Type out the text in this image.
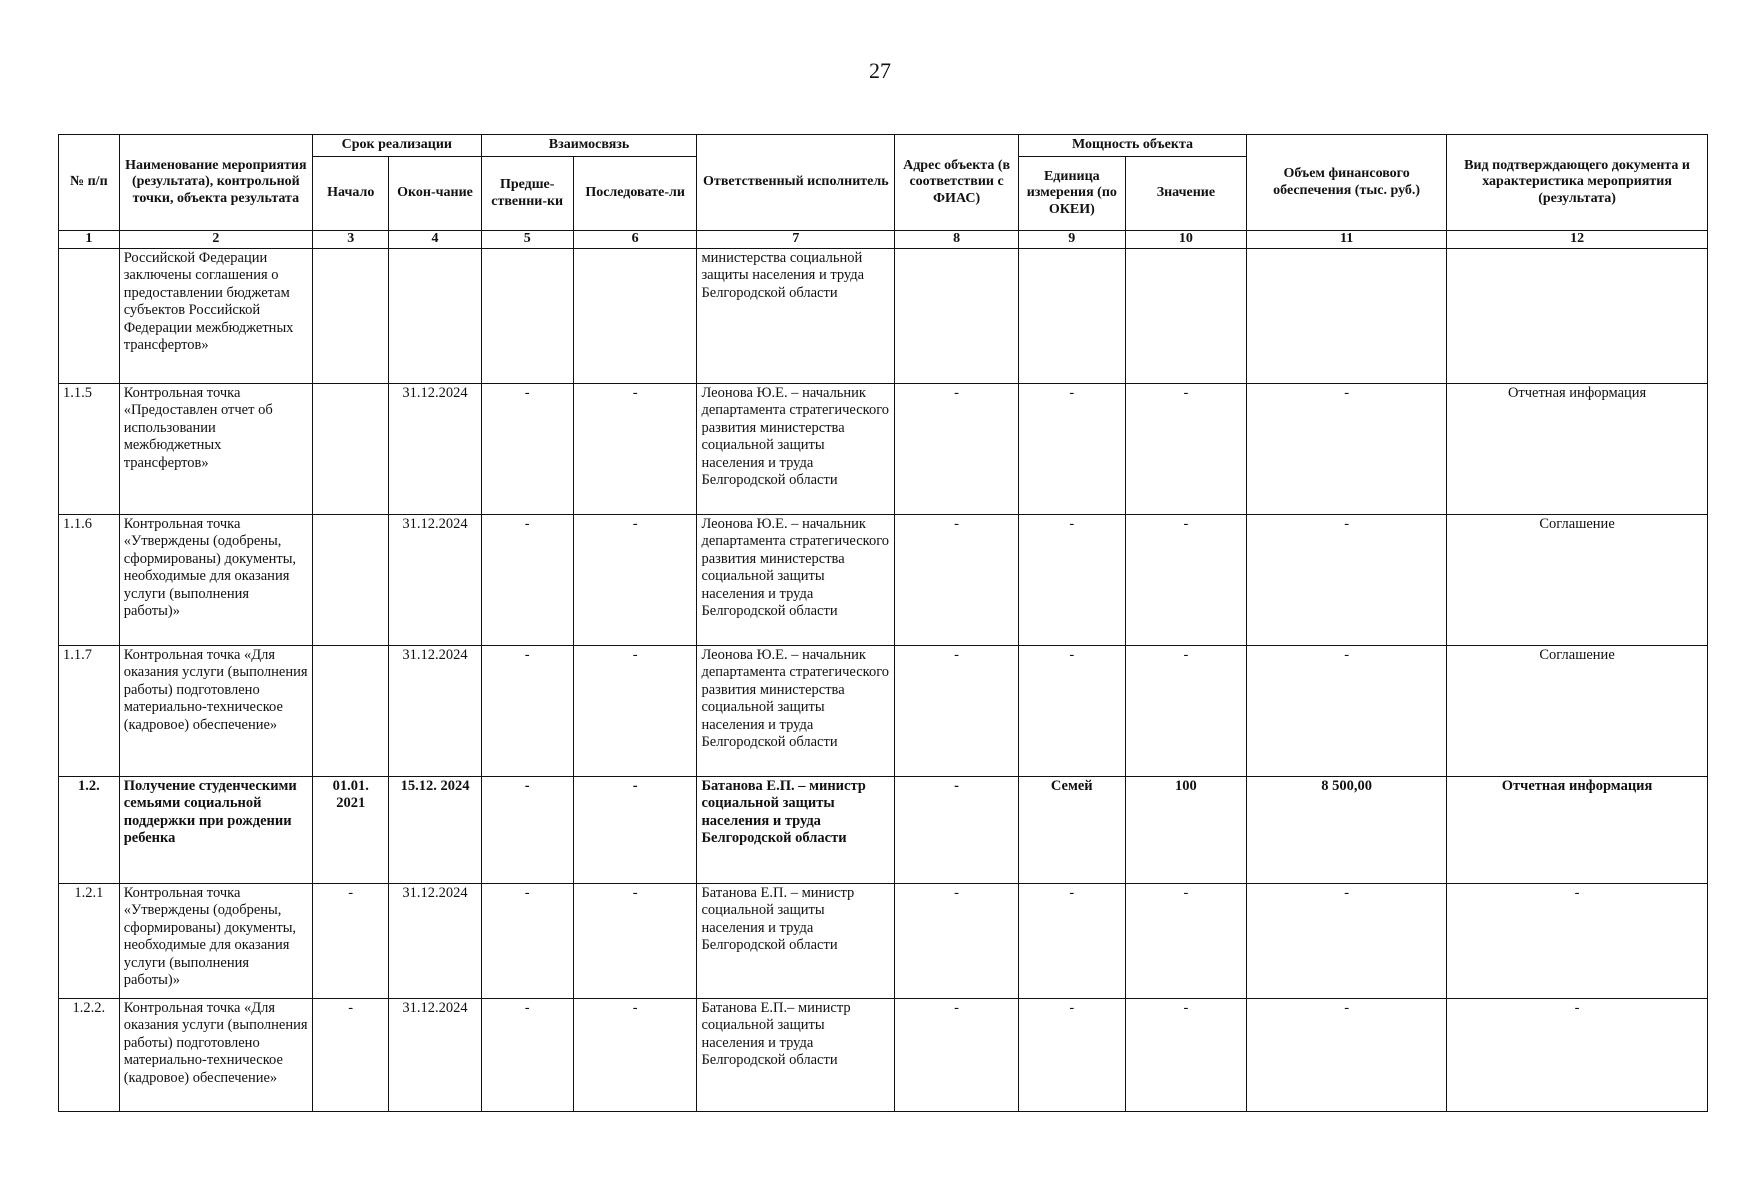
27
№ п/п	Наименование мероприятия (результата), контрольной точки, объекта результата	Срок реализации		Взаимосвязь		Ответственный исполнитель	Адрес объекта (в соответствии с ФИАС)	Мощность объекта		Объем финансового обеспечения (тыс. руб.)	Вид подтверждающего документа и характеристика мероприятия (результата)
		Начало	Окон-чание	Предше-ственни-ки	Последовате-ли			Единица измерения (по ОКЕИ)	Значение		
1	2	3	4	5	6	7	8	9	10	11	12
	Российской Федерации заключены соглашения о предоставлении бюджетам субъектов Российской Федерации межбюджетных трансфертов»					министерства социальной защиты населения и труда Белгородской области					
1.1.5	Контрольная точка «Предоставлен отчет об использовании межбюджетных трансфертов»		31.12.2024	-	-	Леонова Ю.Е. – начальник департамента стратегического развития министерства социальной защиты населения и труда Белгородской области	-	-	-	-	Отчетная информация
1.1.6	Контрольная точка «Утверждены (одобрены, сформированы) документы, необходимые для оказания услуги (выполнения работы)»		31.12.2024	-	-	Леонова Ю.Е. – начальник департамента стратегического развития министерства социальной защиты населения и труда Белгородской области	-	-	-	-	Соглашение
1.1.7	Контрольная точка «Для оказания услуги (выполнения работы) подготовлено материально-техническое (кадровое) обеспечение»		31.12.2024	-	-	Леонова Ю.Е. – начальник департамента стратегического развития министерства социальной защиты населения и труда Белгородской области	-	-	-	-	Соглашение
1.2.	Получение студенческими семьями социальной поддержки при рождении ребенка	01.01. 2021	15.12. 2024	-	-	Батанова Е.П. – министр социальной защиты населения и труда Белгородской области	-	Семей	100	8 500,00	Отчетная информация
1.2.1	Контрольная точка «Утверждены (одобрены, сформированы) документы, необходимые для оказания услуги (выполнения работы)»	-	31.12.2024	-	-	Батанова Е.П. – министр социальной защиты населения и труда Белгородской области	-	-	-	-	-
1.2.2.	Контрольная точка «Для оказания услуги (выполнения работы) подготовлено материально-техническое (кадровое) обеспечение»	-	31.12.2024	-	-	Батанова Е.П.– министр социальной защиты населения и труда Белгородской области	-	-	-	-	-
